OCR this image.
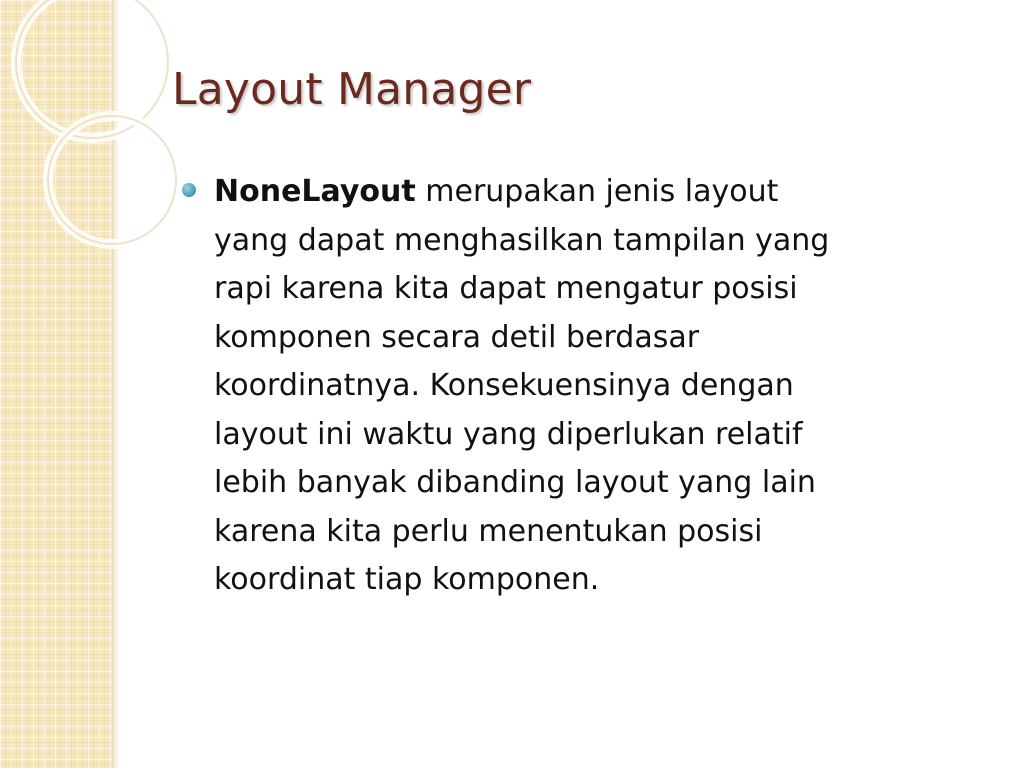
Layout Manager

NoneLayout merupakan jenis layout
yang dapat menghasilkan tampilan yang
rapi karena kita dapat mengatur posisi
komponen secara detil berdasar
koordinatnya. Konsekuensinya dengan
layout ini waktu yang diperlukan relatif
lebih banyak dibanding layout yang lain
karena kita perlu menentukan posisi
koordinat tiap komponen.
